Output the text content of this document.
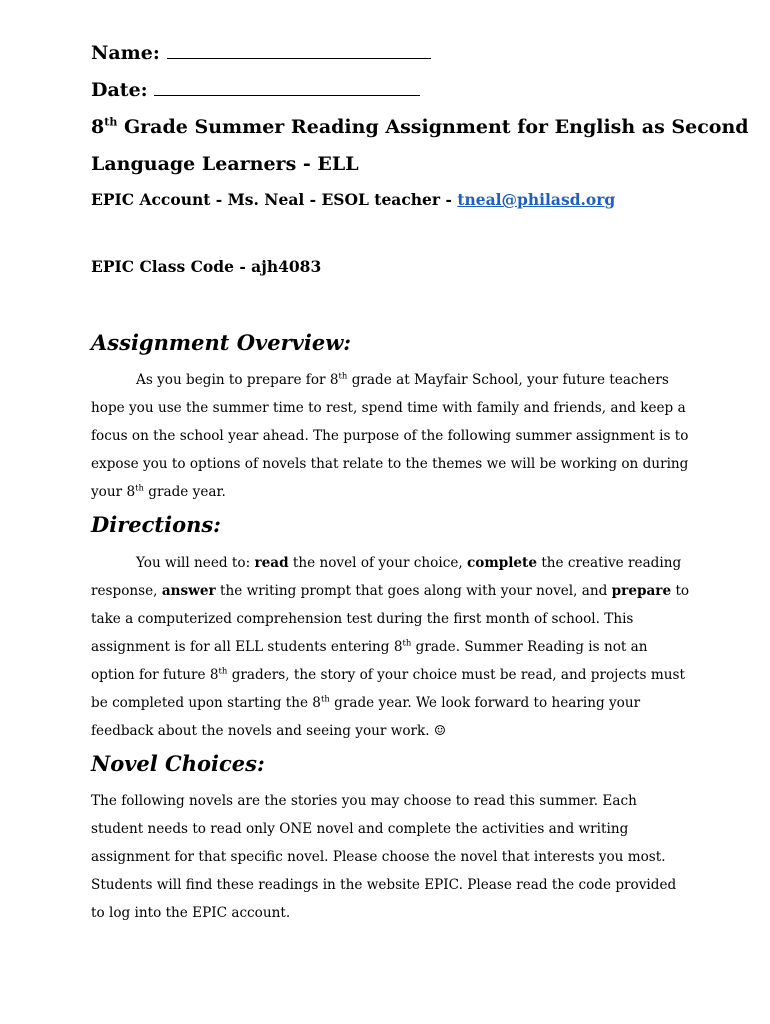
Name:
Date:
8th Grade Summer Reading Assignment for English as Second
Language Learners - ELL
EPIC Account - Ms. Neal - ESOL teacher - tneal@philasd.org
EPIC Class Code - ajh4083
Assignment Overview:
As you begin to prepare for 8th grade at Mayfair School, your future teachers hope you use the summer time to rest, spend time with family and friends, and keep a focus on the school year ahead. The purpose of the following summer assignment is to expose you to options of novels that relate to the themes we will be working on during your 8th grade year.
Directions:
You will need to: read the novel of your choice, complete the creative reading response, answer the writing prompt that goes along with your novel, and prepare to take a computerized comprehension test during the first month of school. This assignment is for all ELL students entering 8th grade. Summer Reading is not an option for future 8th graders, the story of your choice must be read, and projects must be completed upon starting the 8th grade year. We look forward to hearing your feedback about the novels and seeing your work. ☺
Novel Choices:
The following novels are the stories you may choose to read this summer. Each student needs to read only ONE novel and complete the activities and writing assignment for that specific novel. Please choose the novel that interests you most. Students will find these readings in the website EPIC. Please read the code provided to log into the EPIC account.
